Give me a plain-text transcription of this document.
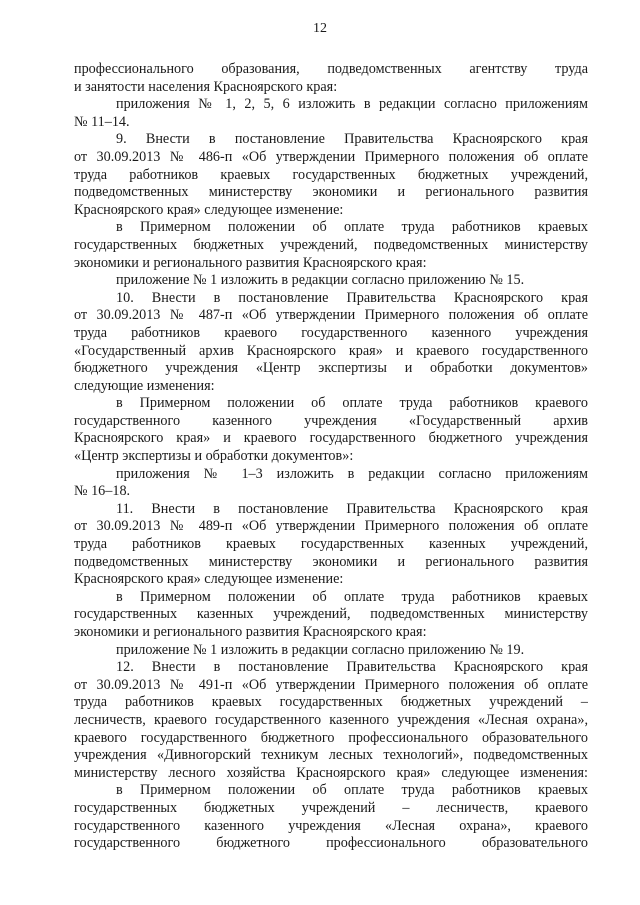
12
профессионального образования, подведомственных агентству труда
и занятости населения Красноярского края:
приложения № 1, 2, 5, 6 изложить в редакции согласно приложениям
№ 11–14.
9. Внести в постановление Правительства Красноярского края
от 30.09.2013 № 486-п «Об утверждении Примерного положения об оплате
труда работников краевых государственных бюджетных учреждений,
подведомственных министерству экономики и регионального развития
Красноярского края» следующее изменение:
в Примерном положении об оплате труда работников краевых
государственных бюджетных учреждений, подведомственных министерству
экономики и регионального развития Красноярского края:
приложение № 1 изложить в редакции согласно приложению № 15.
10. Внести в постановление Правительства Красноярского края
от 30.09.2013 № 487-п «Об утверждении Примерного положения об оплате
труда работников краевого государственного казенного учреждения
«Государственный архив Красноярского края» и краевого государственного
бюджетного учреждения «Центр экспертизы и обработки документов»
следующие изменения:
в Примерном положении об оплате труда работников краевого
государственного казенного учреждения «Государственный архив
Красноярского края» и краевого государственного бюджетного учреждения
«Центр экспертизы и обработки документов»:
приложения № 1–3 изложить в редакции согласно приложениям
№ 16–18.
11. Внести в постановление Правительства Красноярского края
от 30.09.2013 № 489-п «Об утверждении Примерного положения об оплате
труда работников краевых государственных казенных учреждений,
подведомственных министерству экономики и регионального развития
Красноярского края» следующее изменение:
в Примерном положении об оплате труда работников краевых
государственных казенных учреждений, подведомственных министерству
экономики и регионального развития Красноярского края:
приложение № 1 изложить в редакции согласно приложению № 19.
12. Внести в постановление Правительства Красноярского края
от 30.09.2013 № 491-п «Об утверждении Примерного положения об оплате
труда работников краевых государственных бюджетных учреждений –
лесничеств, краевого государственного казенного учреждения «Лесная охрана»,
краевого государственного бюджетного профессионального образовательного
учреждения «Дивногорский техникум лесных технологий», подведомственных
министерству лесного хозяйства Красноярского края» следующее изменения:
в Примерном положении об оплате труда работников краевых
государственных бюджетных учреждений – лесничеств, краевого
государственного казенного учреждения «Лесная охрана», краевого
государственного бюджетного профессионального образовательного
